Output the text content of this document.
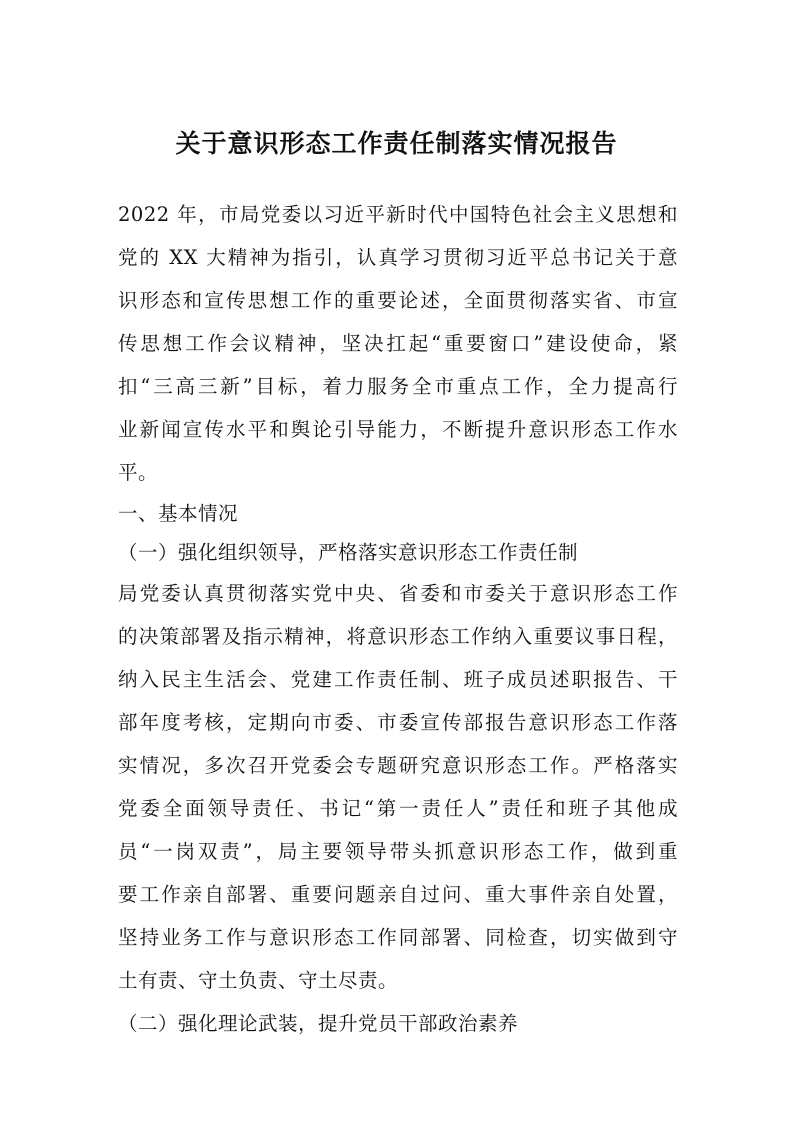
关于意识形态工作责任制落实情况报告
2022 年，市局党委以习近平新时代中国特色社会主义思想和
党的 XX 大精神为指引，认真学习贯彻习近平总书记关于意
识形态和宣传思想工作的重要论述，全面贯彻落实省、市宣
传思想工作会议精神，坚决扛起“重要窗口”建设使命，紧
扣“三高三新”目标，着力服务全市重点工作，全力提高行
业新闻宣传水平和舆论引导能力，不断提升意识形态工作水
平。
一、基本情况
（一）强化组织领导，严格落实意识形态工作责任制
局党委认真贯彻落实党中央、省委和市委关于意识形态工作
的决策部署及指示精神，将意识形态工作纳入重要议事日程，
纳入民主生活会、党建工作责任制、班子成员述职报告、干
部年度考核，定期向市委、市委宣传部报告意识形态工作落
实情况，多次召开党委会专题研究意识形态工作。严格落实
党委全面领导责任、书记“第一责任人”责任和班子其他成
员“一岗双责”，局主要领导带头抓意识形态工作，做到重
要工作亲自部署、重要问题亲自过问、重大事件亲自处置，
坚持业务工作与意识形态工作同部署、同检查，切实做到守
土有责、守土负责、守土尽责。
（二）强化理论武装，提升党员干部政治素养
